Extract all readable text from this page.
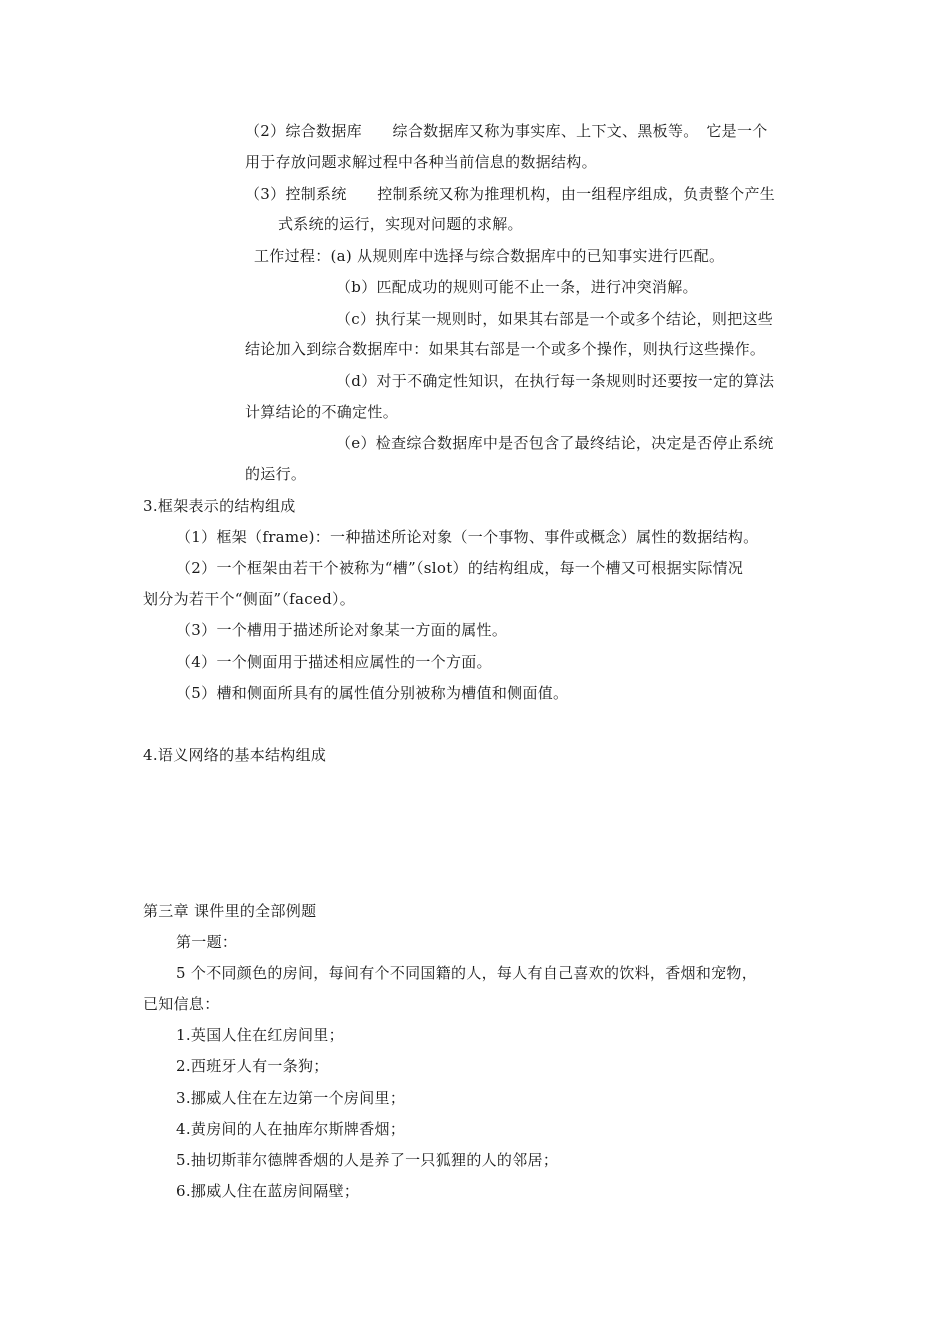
（2）综合数据库　　综合数据库又称为事实库、上下文、黑板等。　它是一个
用于存放问题求解过程中各种当前信息的数据结构。
（3）控制系统　　控制系统又称为推理机构，由一组程序组成，负责整个产生
式系统的运行，实现对问题的求解。
工作过程：(a) 从规则库中选择与综合数据库中的已知事实进行匹配。
（b）匹配成功的规则可能不止一条，进行冲突消解。
（c）执行某一规则时，如果其右部是一个或多个结论，则把这些
结论加入到综合数据库中：如果其右部是一个或多个操作，则执行这些操作。
（d）对于不确定性知识，在执行每一条规则时还要按一定的算法
计算结论的不确定性。
（e）检查综合数据库中是否包含了最终结论，决定是否停止系统
的运行。
3.框架表示的结构组成
（1）框架（frame)：一种描述所论对象（一个事物、事件或概念）属性的数据结构。
（2）一个框架由若干个被称为“槽”（slot）的结构组成，每一个槽又可根据实际情况
划分为若干个“侧面”（faced）。
（3）一个槽用于描述所论对象某一方面的属性。
（4）一个侧面用于描述相应属性的一个方面。
（5）槽和侧面所具有的属性值分别被称为槽值和侧面值。
4.语义网络的基本结构组成
第三章 课件里的全部例题
第一题：
5 个不同颜色的房间，每间有个不同国籍的人，每人有自己喜欢的饮料，香烟和宠物，
已知信息：
1.英国人住在红房间里；
2.西班牙人有一条狗；
3.挪威人住在左边第一个房间里；
4.黄房间的人在抽库尔斯牌香烟；
5.抽切斯菲尔德牌香烟的人是养了一只狐狸的人的邻居；
6.挪威人住在蓝房间隔壁；
